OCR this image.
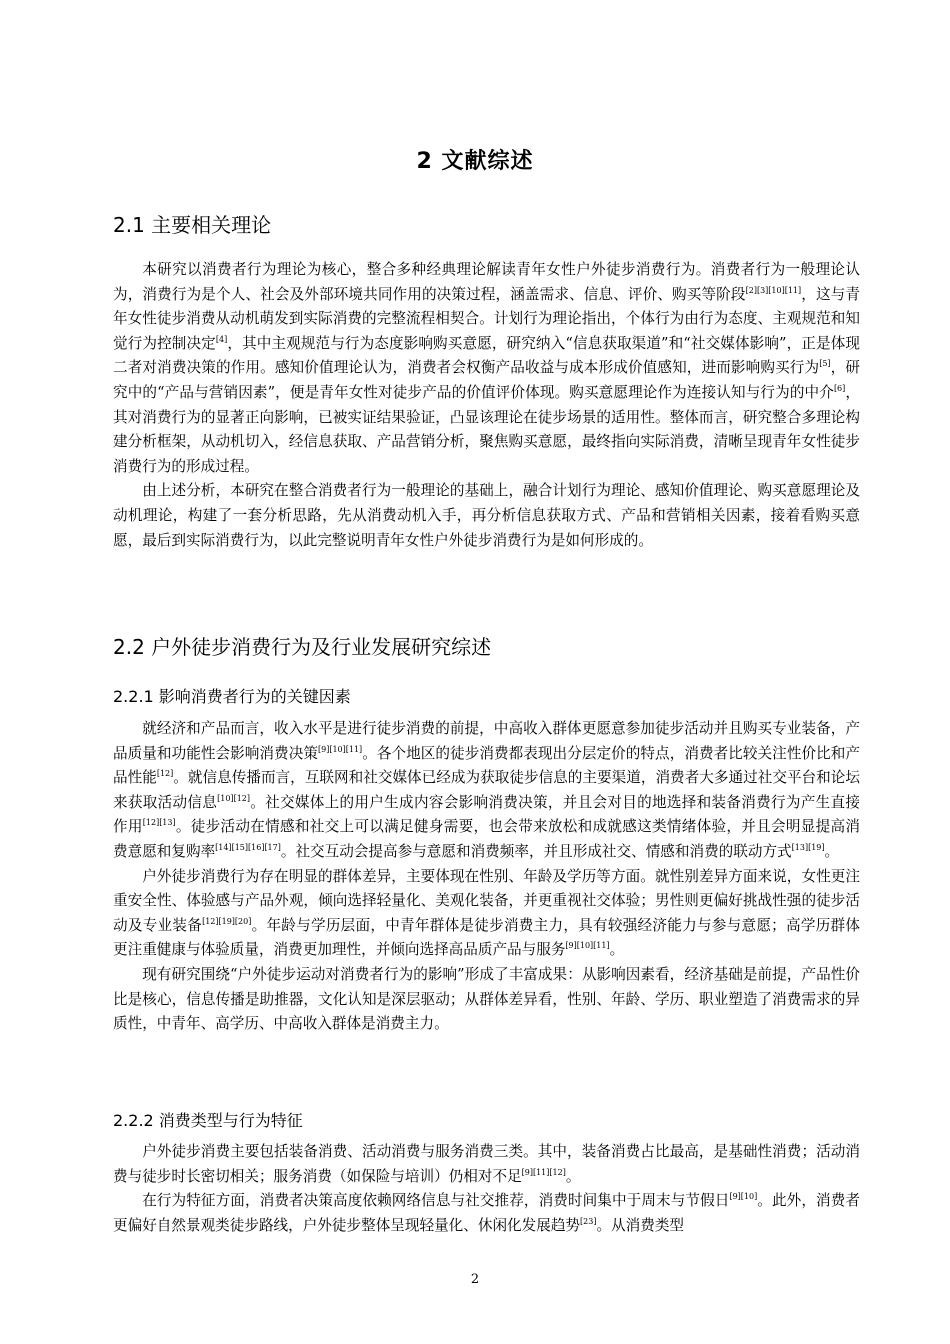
2 文献综述
2.1 主要相关理论

本研究以消费者行为理论为核心，整合多种经典理论解读青年女性户外徒步消费行为。消费者行为一般理论认为，消费行为是个人、社会及外部环境共同作用的决策过程，涵盖需求、信息、评价、购买等阶段[2][3][10][11]，这与青年女性徒步消费从动机萌发到实际消费的完整流程相契合。计划行为理论指出，个体行为由行为态度、主观规范和知觉行为控制决定[4]，其中主观规范与行为态度影响购买意愿，研究纳入“信息获取渠道”和“社交媒体影响”，正是体现二者对消费决策的作用。感知价值理论认为，消费者会权衡产品收益与成本形成价值感知，进而影响购买行为[5]，研究中的“产品与营销因素”，便是青年女性对徒步产品的价值评价体现。购买意愿理论作为连接认知与行为的中介[6]，其对消费行为的显著正向影响，已被实证结果验证，凸显该理论在徒步场景的适用性。整体而言，研究整合多理论构建分析框架，从动机切入，经信息获取、产品营销分析，聚焦购买意愿，最终指向实际消费，清晰呈现青年女性徒步消费行为的形成过程。

由上述分析，本研究在整合消费者行为一般理论的基础上，融合计划行为理论、感知价值理论、购买意愿理论及动机理论，构建了一套分析思路，先从消费动机入手，再分析信息获取方式、产品和营销相关因素，接着看购买意愿，最后到实际消费行为，以此完整说明青年女性户外徒步消费行为是如何形成的。

2.2 户外徒步消费行为及行业发展研究综述
2.2.1 影响消费者行为的关键因素

就经济和产品而言，收入水平是进行徒步消费的前提，中高收入群体更愿意参加徒步活动并且购买专业装备，产品质量和功能性会影响消费决策[9][10][11]。各个地区的徒步消费都表现出分层定价的特点，消费者比较关注性价比和产品性能[12]。就信息传播而言，互联网和社交媒体已经成为获取徒步信息的主要渠道，消费者大多通过社交平台和论坛来获取活动信息[10][12]。社交媒体上的用户生成内容会影响消费决策，并且会对目的地选择和装备消费行为产生直接作用[12][13]。徒步活动在情感和社交上可以满足健身需要，也会带来放松和成就感这类情绪体验，并且会明显提高消费意愿和复购率[14][15][16][17]。社交互动会提高参与意愿和消费频率，并且形成社交、情感和消费的联动方式[13][19]。

户外徒步消费行为存在明显的群体差异，主要体现在性别、年龄及学历等方面。就性别差异方面来说，女性更注重安全性、体验感与产品外观，倾向选择轻量化、美观化装备，并更重视社交体验；男性则更偏好挑战性强的徒步活动及专业装备[12][19][20]。年龄与学历层面，中青年群体是徒步消费主力，具有较强经济能力与参与意愿；高学历群体更注重健康与体验质量，消费更加理性，并倾向选择高品质产品与服务[9][10][11]。

现有研究围绕“户外徒步运动对消费者行为的影响”形成了丰富成果：从影响因素看，经济基础是前提，产品性价比是核心，信息传播是助推器，文化认知是深层驱动；从群体差异看，性别、年龄、学历、职业塑造了消费需求的异质性，中青年、高学历、中高收入群体是消费主力。

2.2.2 消费类型与行为特征

户外徒步消费主要包括装备消费、活动消费与服务消费三类。其中，装备消费占比最高，是基础性消费；活动消费与徒步时长密切相关；服务消费（如保险与培训）仍相对不足[9][11][12]。

在行为特征方面，消费者决策高度依赖网络信息与社交推荐，消费时间集中于周末与节假日[9][10]。此外，消费者更偏好自然景观类徒步路线，户外徒步整体呈现轻量化、休闲化发展趋势[23]。从消费类型

2
